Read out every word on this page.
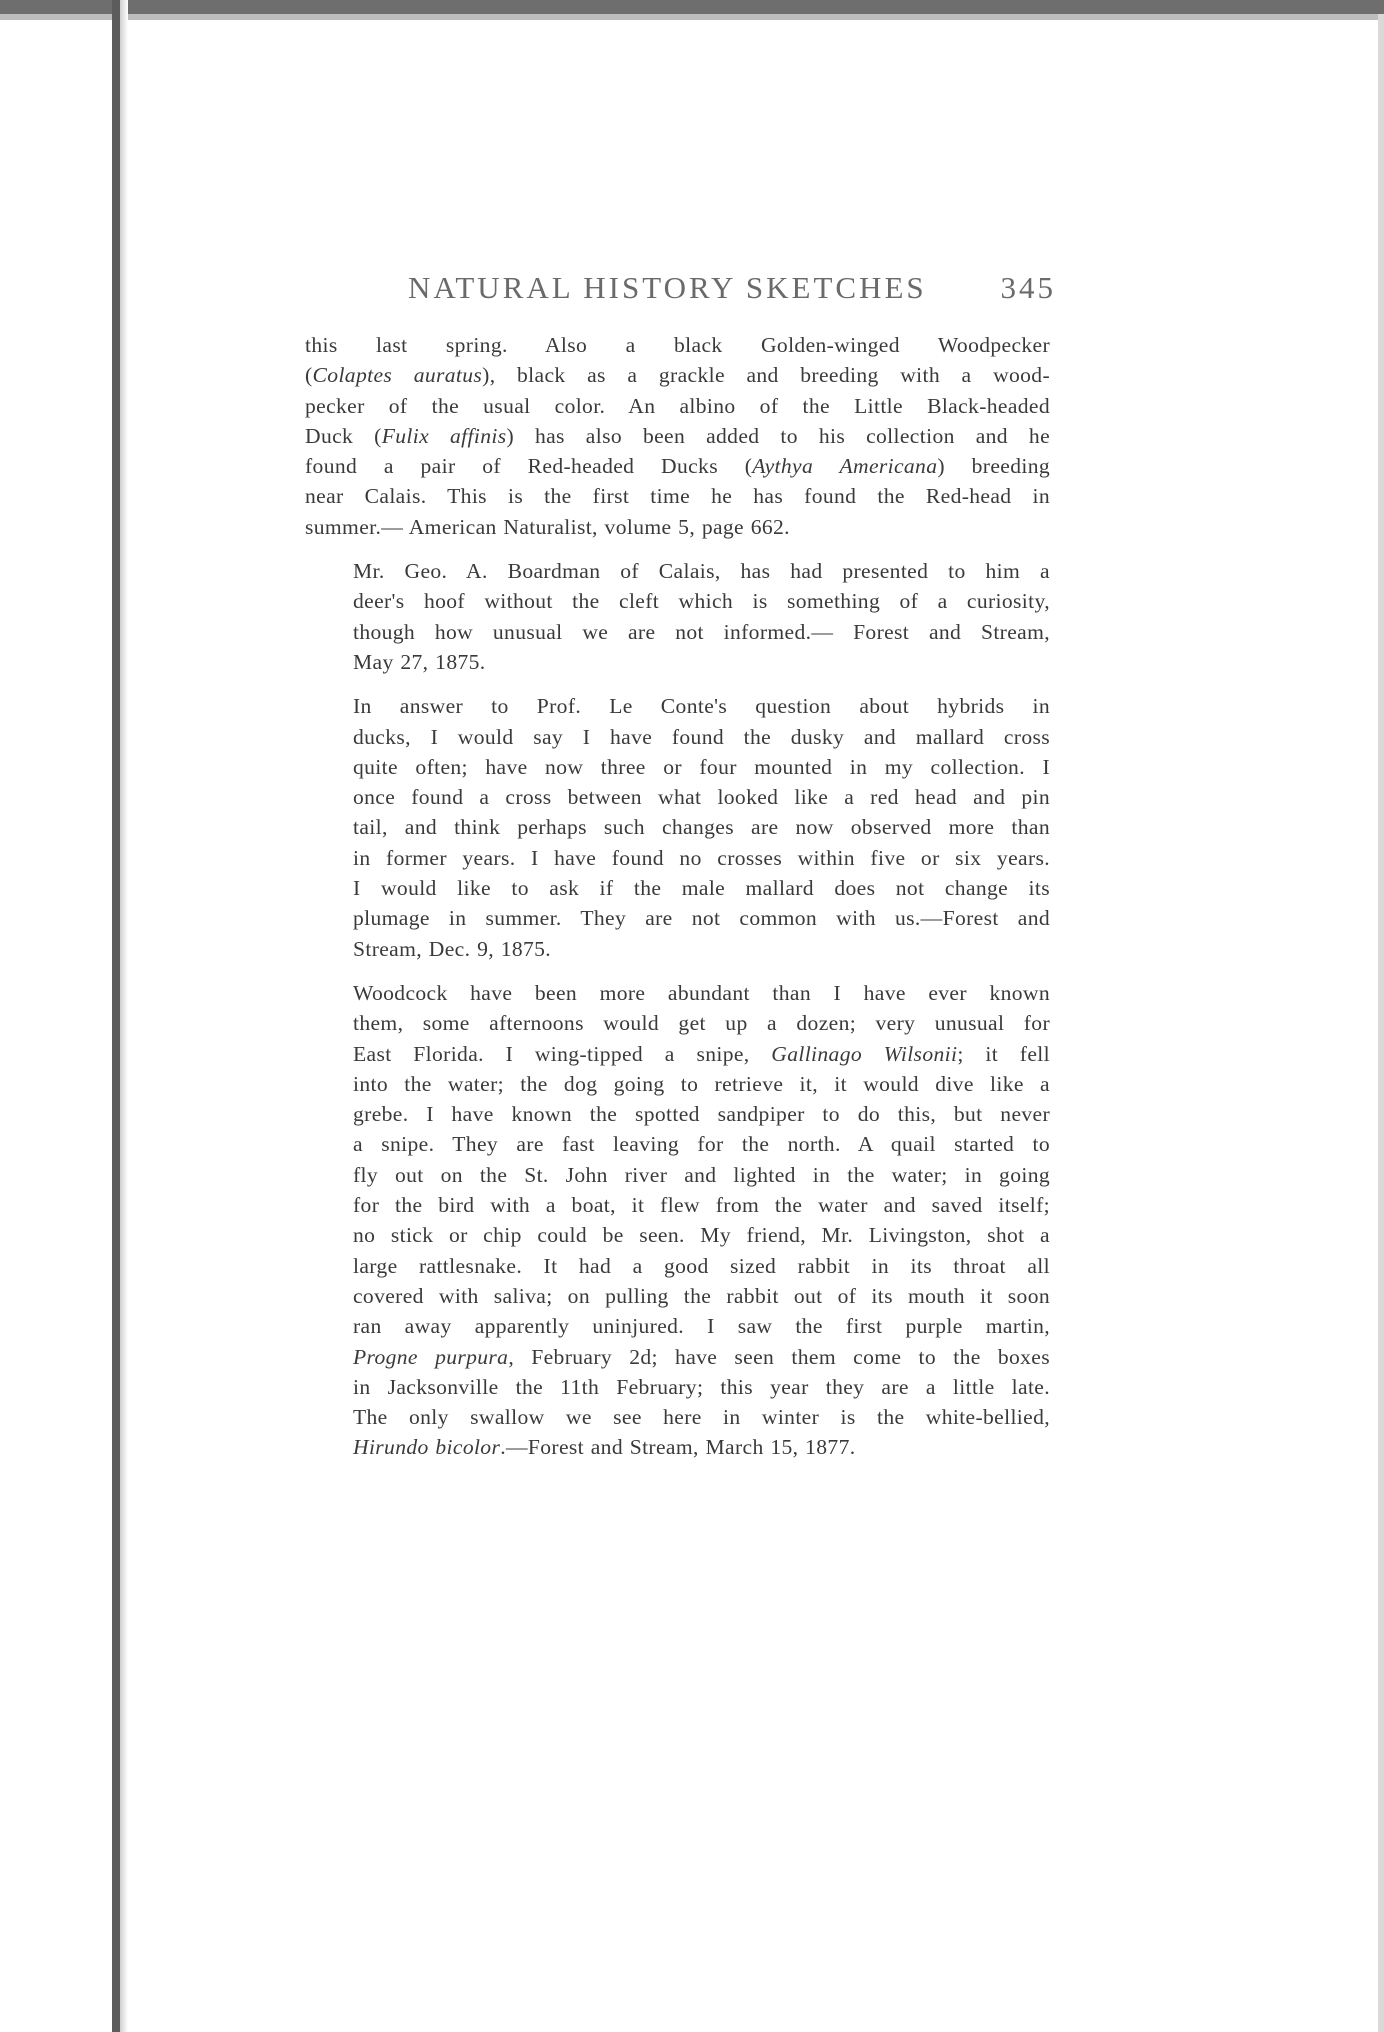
NATURAL HISTORY SKETCHES 345
this last spring. Also a black Golden-winged Woodpecker
(Colaptes auratus), black as a grackle and breeding with a wood-
pecker of the usual color. An albino of the Little Black-headed
Duck (Fulix affinis) has also been added to his collection and he
found a pair of Red-headed Ducks (Aythya Americana) breeding
near Calais. This is the first time he has found the Red-head in
summer.— American Naturalist, volume 5, page 662.
Mr. Geo. A. Boardman of Calais, has had presented to him a
deer's hoof without the cleft which is something of a curiosity,
though how unusual we are not informed.— Forest and Stream,
May 27, 1875.
In answer to Prof. Le Conte's question about hybrids in
ducks, I would say I have found the dusky and mallard cross
quite often; have now three or four mounted in my collection. I
once found a cross between what looked like a red head and pin
tail, and think perhaps such changes are now observed more than
in former years. I have found no crosses within five or six years.
I would like to ask if the male mallard does not change its
plumage in summer. They are not common with us.—Forest and
Stream, Dec. 9, 1875.
Woodcock have been more abundant than I have ever known
them, some afternoons would get up a dozen; very unusual for
East Florida. I wing-tipped a snipe, Gallinago Wilsonii; it fell
into the water; the dog going to retrieve it, it would dive like a
grebe. I have known the spotted sandpiper to do this, but never
a snipe. They are fast leaving for the north. A quail started to
fly out on the St. John river and lighted in the water; in going
for the bird with a boat, it flew from the water and saved itself;
no stick or chip could be seen. My friend, Mr. Livingston, shot a
large rattlesnake. It had a good sized rabbit in its throat all
covered with saliva; on pulling the rabbit out of its mouth it soon
ran away apparently uninjured. I saw the first purple martin,
Progne purpura, February 2d; have seen them come to the boxes
in Jacksonville the 11th February; this year they are a little late.
The only swallow we see here in winter is the white-bellied,
Hirundo bicolor.—Forest and Stream, March 15, 1877.
